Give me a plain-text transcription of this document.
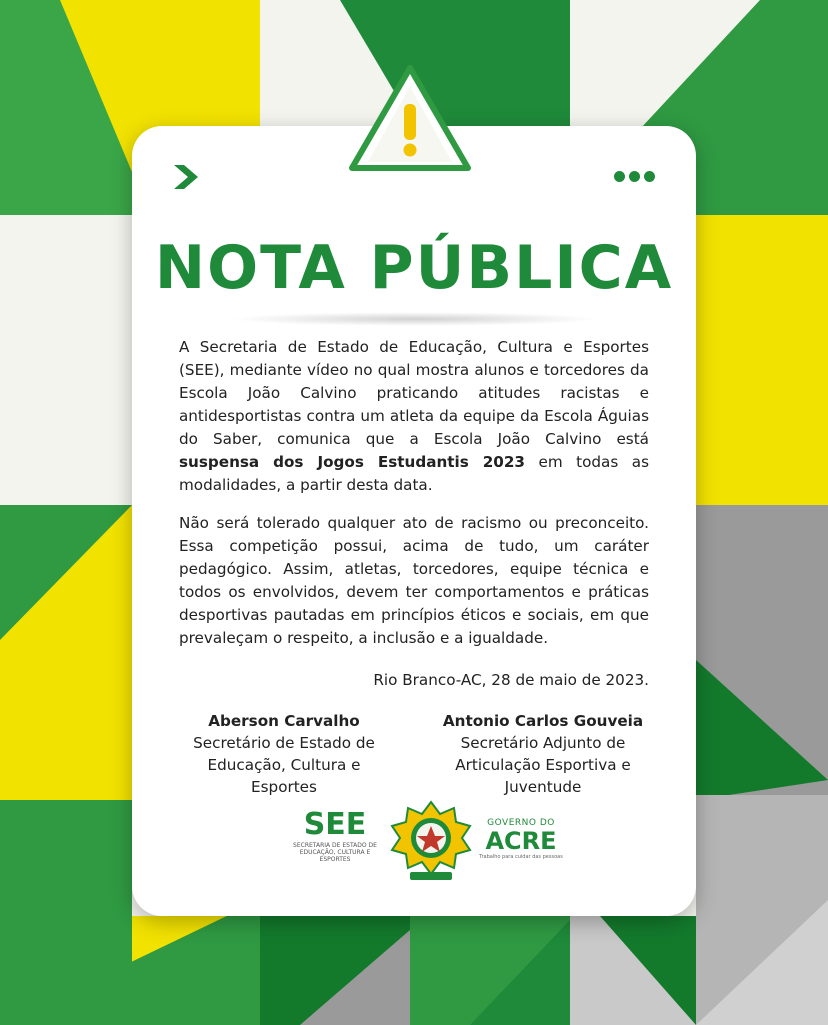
NOTA PÚBLICA

A Secretaria de Estado de Educação, Cultura e Esportes (SEE), mediante vídeo no qual mostra alunos e torcedores da Escola João Calvino praticando atitudes racistas e antidesportistas contra um atleta da equipe da Escola Águias do Saber, comunica que a Escola João Calvino está suspensa dos Jogos Estudantis 2023 em todas as modalidades, a partir desta data.

Não será tolerado qualquer ato de racismo ou preconceito. Essa competição possui, acima de tudo, um caráter pedagógico. Assim, atletas, torcedores, equipe técnica e todos os envolvidos, devem ter comportamentos e práticas desportivas pautadas em princípios éticos e sociais, em que prevaleçam o respeito, a inclusão e a igualdade.

Rio Branco-AC, 28 de maio de 2023.
Aberson Carvalho
Secretário de Estado de Educação, Cultura e Esportes
Antonio Carlos Gouveia
Secretário Adjunto de Articulação Esportiva e Juventude
SEE
SECRETARIA DE ESTADO DE EDUCAÇÃO, CULTURA E ESPORTES
GOVERNO DO
ACRE
Trabalho para cuidar das pessoas
